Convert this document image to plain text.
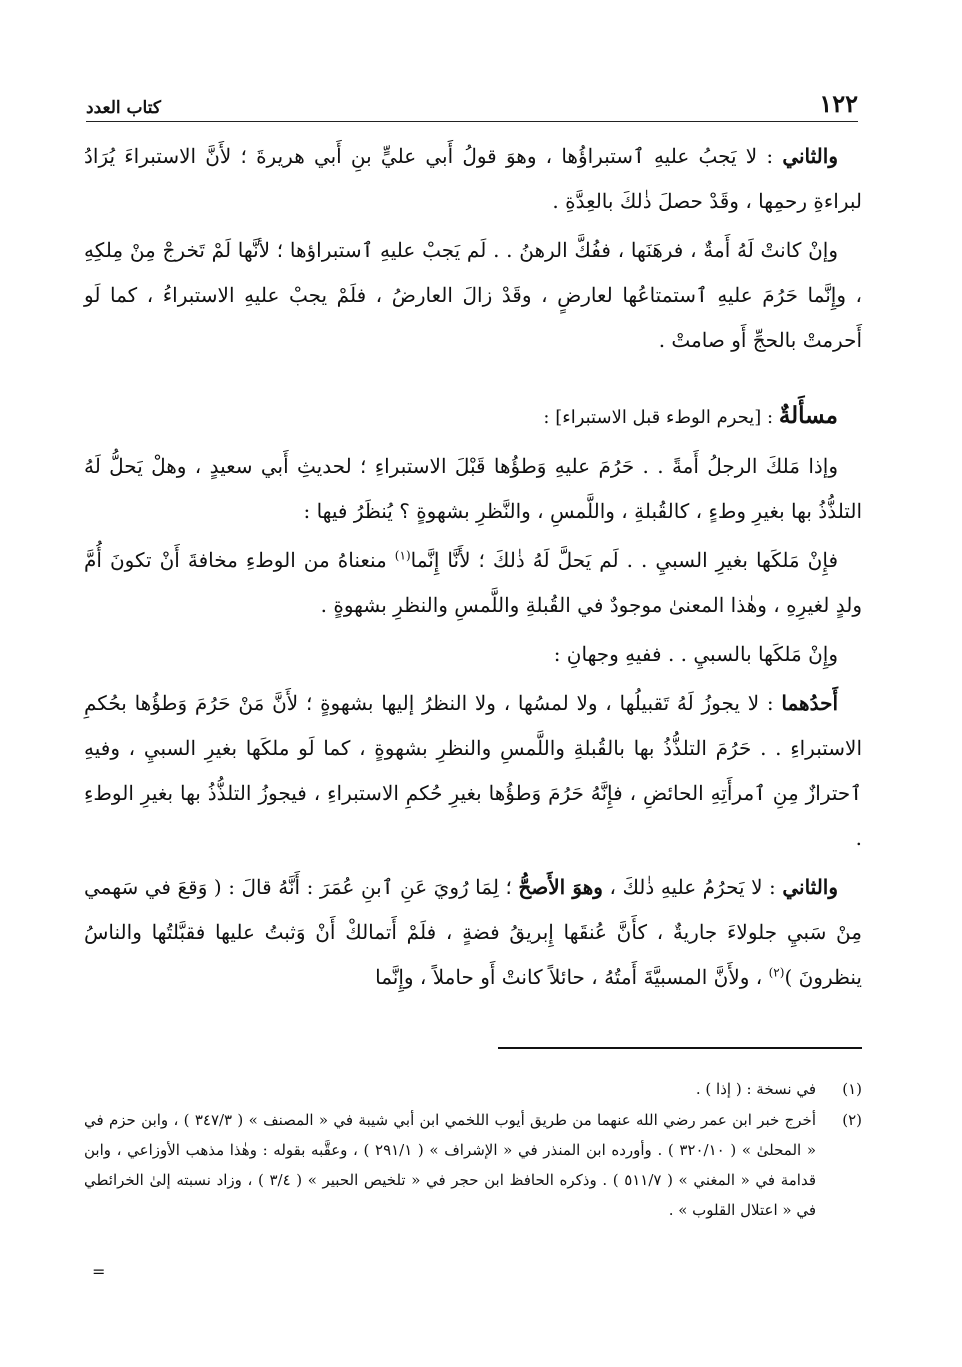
١٢٢
كتاب العدد

والثاني : لا يَجبُ عليهِ ٱستبراؤُها ، وهوَ قولُ أَبي عليٍّ بنِ أَبي هريرةَ ؛ لأَنَّ الاستبراءَ يُرَادُ لبراءةِ رحمِها ، وقَدْ حصلَ ذٰلكَ بالعِدَّةِ .

وإنْ كانتْ لَهُ أَمةٌ ، فرهَنَها ، ففُكَّ الرهنُ . . لَم يَجبْ عليهِ ٱستبراؤها ؛ لأنَّها لَمْ تَخرجْ مِنْ مِلكِهِ ، وإِنَّما حَرُمَ عليهِ ٱستمتاعُها لعارضٍ ، وقَدْ زالَ العارضُ ، فلَمْ يجبْ عليهِ الاستبراءُ ، كما لَو أَحرمتْ بالحجِّ أَو صامتْ .

مسأَلةٌ : [يحرم الوطء قبل الاستبراء] :

وإذا مَلكَ الرجلُ أَمةً . . حَرُمَ عليهِ وَطؤُها قَبْلَ الاستبراءِ ؛ لحديثِ أَبي سعيدٍ ، وهلْ يَحلُّ لَهُ التلذُّذُ بها بغيرِ وطءٍ ، كالقُبلةِ ، واللَّمسِ ، والنَّظرِ بشهوةٍ ؟ يُنظَرُ فيها :

فإِنْ مَلكَها بغيرِ السبيِ . . لَم يَحلَّ لَهُ ذٰلكَ ؛ لأَنَّا إِنَّما$^{(١)}$ منعناهُ من الوطءِ مخافةَ أَنْ تكونَ أُمَّ ولدٍ لغيرِهِ ، وهٰذا المعنىٰ موجودٌ في القُبلةِ واللَّمسِ والنظرِ بشهوةٍ .

وإِنْ مَلكَها بالسبيِ . . ففيهِ وجهانِ :

أَحدُهما : لا يجوزُ لَهُ تَقبيلُها ، ولا لمسُها ، ولا النظرُ إليها بشهوةٍ ؛ لأَنَّ مَنْ حَرُمَ وَطؤُها بحُكمِ الاستبراءِ . . حَرُمَ التلذُّذُ بها بالقُبلةِ واللَّمسِ والنظرِ بشهوةٍ ، كما لَو ملكَها بغيرِ السبيِ ، وفيهِ ٱحترازٌ مِنِ ٱمرأَتِهِ الحائضِ ، فإِنَّهُ حَرُمَ وَطؤُها بغيرِ حُكمِ الاستبراءِ ، فيجوزُ التلذُّذُ بها بغيرِ الوطءِ .

والثاني : لا يَحرُمُ عليهِ ذٰلكَ ، وهوَ الأَصحُّ ؛ لِمَا رُويَ عَنِ ٱبنِ عُمَرَ : أَنَّهُ قالَ : ( وَقعَ في سَهمي مِنْ سَبيِ جلولاءَ جاريةٌ ، كأَنَّ عُنقَها إِبريقُ فضةٍ ، فلَمْ أَتمالكْ أَنْ وَثبتُ عليها فقبَّلتُها والناسُ ينظرونَ )$^{(٢)}$ ، ولأَنَّ المسبيَّةَ أَمتُهُ ، حائلاً كانتْ أَو حاملاً ، وإِنَّما

(١)
في نسخة : ( إذا ) .
(٢)
أخرج خبر ابن عمر رضي الله عنهما من طريق أيوب اللخمي ابن أبي شيبة في « المصنف » ( ٣٤٧/٣ ) ، وابن حزم في « المحلىٰ » ( ٣٢٠/١٠ ) . وأورده ابن المنذر في « الإشراف » ( ٢٩١/١ ) ، وعقَّبه بقوله : وهٰذا مذهب الأوزاعي ، وابن قدامة في « المغني » ( ٥١١/٧ ) . وذكره الحافظ ابن حجر في « تلخيص الحبير » ( ٣/٤ ) ، وزاد نسبته إلىٰ الخرائطي في « اعتلال القلوب » .
=
